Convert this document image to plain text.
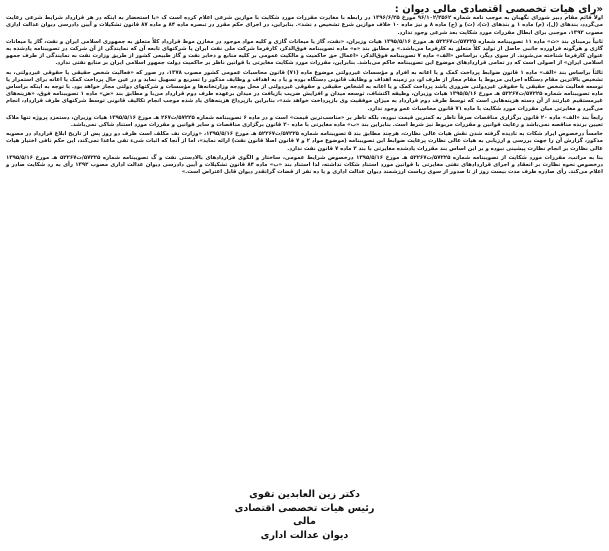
«رای هیات تخصصی اقتصادی مالی دیوان :
اولاً قائم مقام دبیر شورای نگهبان به موجب نامه شماره ۹۶/۱۰۲/۲۵۶۲ مورخ ۱۳۹۶/۶/۲۵ در رابطه با مغایرت مقررات مورد شکایت با موازین شرعی اعلام کرده است ک «با استحضار به اینکه در هر قرارداد شرایط شرعی رعایت می‌گردد، بندهای (ل)، (م) ماده ۱ و بندهای (ث)، (ت) و (ج) ماده ۸ و نیز ماده ۱۰ خلاف موازین شرع تشخیص د نشد». بنابراین، در اجرای حکم مقرر در تبصره ماده ۸۴ و ماده ۸۷ قانون تشکیلات و آیین دادرسی دیوان عدالت اداری مصوب ۱۳۹۲، موجبی برای ابطال مقررات مورد شکایت بعد شرعی وجود ندارد.
ثانیاً برمبنای بند «ث» ماده ۱۱ تصویبنامه شماره ۵۷۲۲۵/ت۵۲۲۶۷ هـ مورخ ۱۳۹۵/۵/۱۶ هیات وزیران، «نفت، گاز یا میعانات گازی و کلیه مواد موجود در مخازن موظ قرارداد کلاً متعلق به جمهوری اسلامی ایران و نفت، گاز یا میعانات گازی و هرگونه فراورده جانبی حاصل از تولید کلاً متعلق به کارفرما می‌باشد.» و مطابق بند «ه» ماده تصویبنامه فوق‌الذکر، کارفرما شرکت ملی نفت ایران یا شرکتهای تابعه آن که نمایندگی از آن شرکت در تصویبنامه یادشده به عنوان کارفرما شناخته می‌شوند. از سوی دیگر، براساس «الف» ماده ۷ تصویبنامه فوق‌الذکر، «اعمال حق حاکمیت و مالکیت عمومی بر کلیه منابع و ذخایر نفت و گاز طبیعی کشور از طریق وزارت نفت به نمایندگی از طرف جمهو اسلامی ایران» از اصولی است که در تمامی قراردادهای موضوع این تصویبنامه حاکم می‌باشد. بنابراین، مقررات مورد شکایت مغایرتی با قوانین ناظر بر حاکمیت دولت جمهور اسلامی ایران بر منابع نفتی ندارد.
ثالثاً براساس بند «الف» ماده ۱ قانون ضوابط پرداخت کمک و یا اعانه به افراد و مؤسسات غیردولتی موضوع ماده (۷۱) قانون محاسبات عمومی کشور مصوب ۱۳۷۸، در صور که «فعالیت شخص حقیقی یا حقوقی غیردولتی، به تشخیص بالاترین مقام دستگاه اجرایی مربوط یا مقام مجاز از طرف او، در زمینه اهداف و وظایف قانونی دستگاه بوده و یا د به اهداف و وظایف مذکور را تسریع و تسهیل نماید و در عین حال پرداخت کمک یا اعانه برای استمرار یا توسعه فعالیت شخص حقیقی یا حقوقی غیردولتی ضروری باشد پرداخت کمک و یا اعانه به اشخاص حقیقی و حقوقی غیردولتی از محل بودجه وزارتخانه‌ها و مؤسسات و شرکتهای دولتی مجاز خواهد بود. با توجه به اینکه براساس ماده تصویبنامه شماره ۵۷۲۲۵/ت۵۲۲۶۷ هـ مورخ ۱۳۹۵/۵/۱۶ هیات وزیران، وظیفه اکتشاف، توسعه میدان و افزایش ضریب بازیافت در میدان برعهده طرف دوم قرارداد می‌با و مطابق بند «ض» ماده ۱ تصویبنامه فوق، «هزینه‌های غیرمستقیم عبارتند از آن دسته هزینه‌هایی است که توسط طرف دوم قرارداد به میزان موفقیت وی بازپرداخت خواهد شد»، بنابراین بازپرداخ هزینه‌های یاد شده موجب انجام تکالیف قانونی توسط شرکتهای طرف قرارداد، انجام می‌گیرد و مغایرتی میان مقررات مورد شکایت با ماده ۷۱ قانون محاسبات عمو وجود ندارد.
رابعاً بند «الف» ماده ۲۰ قانون برگزاری مناقصات صرفاً ناظر به کمترین قیمت نبوده، بلکه ناظر بر «مناسب‌ترین قیمت» است و در ماده ۶ تصویبنامه شماره ۵۷۲۲۵/ت۲۶۷ هـ مورخ ۱۳۹۵/۵/۱۶ هیات وزیران، دستمزد پروژه تنها ملاک تعیین برنده مناقصه نمی‌باشد و رعایت قوانین و مقررات مربوط نیز شرط است. بنابراین بند «ب» ماده مغایرتی با ماده ۲۰ قانون برگزاری مناقصات و سایر قوانین و مقررات مورد استناد شاکی نمی‌باشد.
خامساً درخصوص ایراد شکات به نادیده گرفته شدن نقش هیات عالی نظارت، هرچند مطابق بند ۵ تصویبنامه شماره ۵۷۲۲۵/ت۵۲۲۶۷ هـ مورخ ۱۳۹۵/۵/۱۶، «وزارت نف مکلف است ظرف دو روز پس از تاریخ ابلاغ قرارداد در مصوبه مذکور، گزارش آن را جهت بررسی و ارزیابی به هیات عالی نظارت پرعایت ضوابط این تصویبنامه (موضوع مواد ۲ و ۷ قانون اصلا قانون نفت) ارائه نماید»، اما از آنجا که اثبات شیء نفی ماعدا نمی‌کند، این حکم نافی اختیار هیات عالی نظارت بر انجام نظارت پیشینی نبوده و بر این اساس بند مقررات یادشده مغایرتی با بند ۲ ماده ۷ قانون نفت ندارد.
بنا به مراتب، مقررات مورد شکایت از تصویبنامه شماره ۵۷۲۲۵/ت۵۲۲۶۷ هـ مورخ ۱۳۹۵/۵/۱۶ درخصوص شرایط عمومی، ساختار و الگوی قراردادهای بالادستی نفت و گ تصویبنامه شماره ۵۷۲۲۵/ت۵۲۲۶۷ هـ مورخ ۱۳۹۵/۵/۱۶ درخصوص نحوه نظارت بر انعقاد و اجرای قراردادهای نفتی مغایرتی با قوانین مورد استناد شکات نداشته، لذا استناد بند «ب» ماده ۸۴ قانون تشکیلات و آیین دادرسی دیوان عدالت اداری مصوب ۱۳۹۲ رأی به رد شکایت صادر و اعلام می‌کند. رأی صادره ظرف مدت بیست روز از تا صدور از سوی ریاست ارزشمند دیوان عدالت اداری و یا ده نفر از قضات گرانقدر دیوان قابل اعتراض است.»
دکتر زین العابدین تقوی
رئیس هیات تخصصی اقتصادی
مالی
دیوان عدالت اداری
